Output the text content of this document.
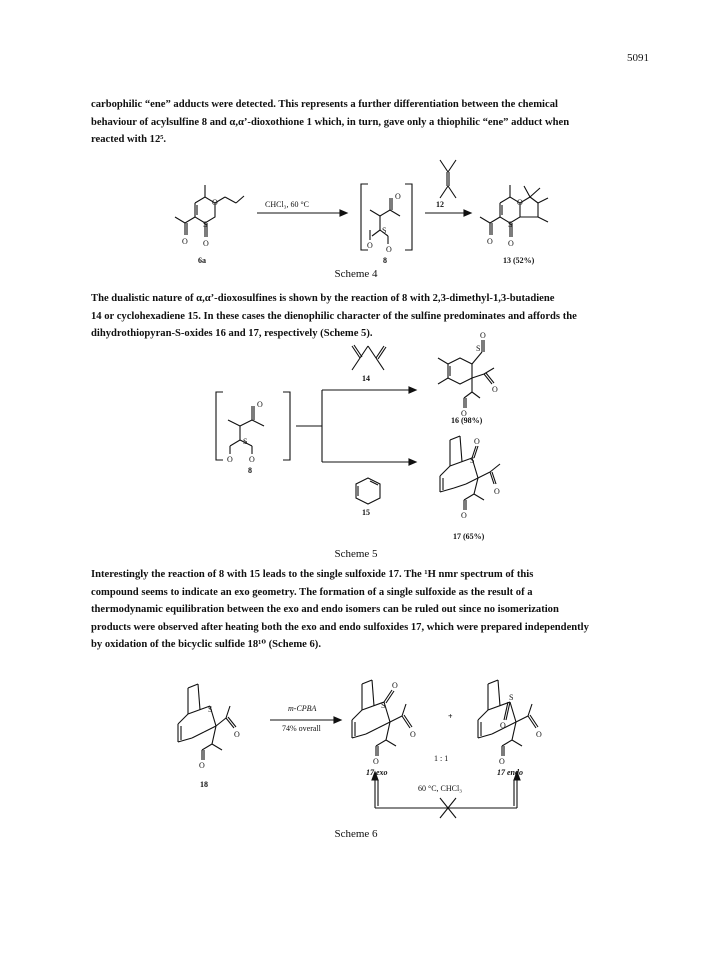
5091
carbophilic “ene” adducts were detected. This represents a further differentiation between the chemical
behaviour of acylsulfine 8 and α,α’-dioxothione 1 which, in turn, gave only a thiophilic “ene” adduct when
reacted with 12⁵.
O
S
O O
O
O O
S
O
S
O O
CHCl₃, 60 °C	12
6a	8	13 (52%)
Scheme 4
The dualistic nature of α,α’-dioxosulfines is shown by the reaction of 8 with 2,3-dimethyl-1,3-butadiene
14 or cyclohexadiene 15. In these cases the dienophilic character of the sulfine predominates and affords the
dihydrothiopyran-S-oxides 16 and 17, respectively (Scheme 5).
O
O O
S
S
O
O
O
S
O
O
O
14
15
8
16 (98%)
17 (65%)
Scheme 5
Interestingly the reaction of 8 with 15 leads to the single sulfoxide 17. The ¹H nmr spectrum of this
compound seems to indicate an exo geometry. The formation of a single sulfoxide as the result of a
thermodynamic equilibration between the exo and endo isomers can be ruled out since no isomerization
products were observed after heating both the exo and endo sulfoxides 17, which were prepared independently
by oxidation of the bicyclic sulfide 18¹⁰ (Scheme 6).
S
O
O
S
O
O
O
S
O
O
O
m-CPBA
74% overall
+
1 : 1
18
17 exo	17 endo
60 °C, CHCl₃
Scheme 6
